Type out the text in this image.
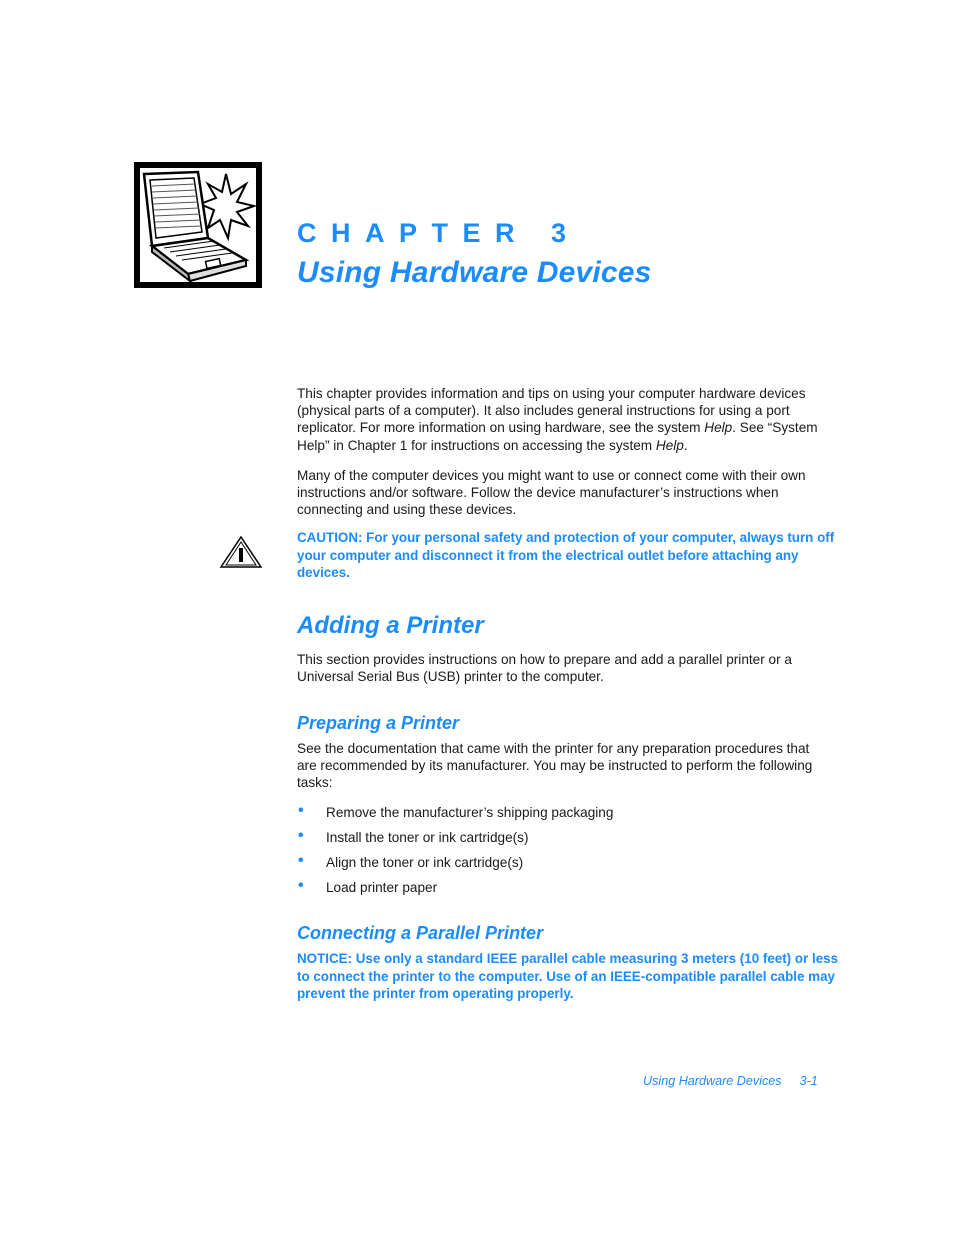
CHAPTER 3
Using Hardware Devices

This chapter provides information and tips on using your computer hardware devices (physical parts of a computer). It also includes general instructions for using a port replicator. For more information on using hardware, see the system Help. See “System Help” in Chapter 1 for instructions on accessing the system Help.

Many of the computer devices you might want to use or connect come with their own instructions and/or software. Follow the device manufacturer’s instructions when connecting and using these devices.

CAUTION: For your personal safety and protection of your computer, always turn off your computer and disconnect it from the electrical outlet before attaching any devices.
Adding a Printer
This section provides instructions on how to prepare and add a parallel printer or a Universal Serial Bus (USB) printer to the computer.
Preparing a Printer
See the documentation that came with the printer for any preparation procedures that are recommended by its manufacturer. You may be instructed to perform the following tasks:
• Remove the manufacturer’s shipping packaging
• Install the toner or ink cartridge(s)
• Align the toner or ink cartridge(s)
• Load printer paper
Connecting a Parallel Printer
NOTICE: Use only a standard IEEE parallel cable measuring 3 meters (10 feet) or less to connect the printer to the computer. Use of an IEEE-compatible parallel cable may prevent the printer from operating properly.
Using Hardware Devices 3-1
